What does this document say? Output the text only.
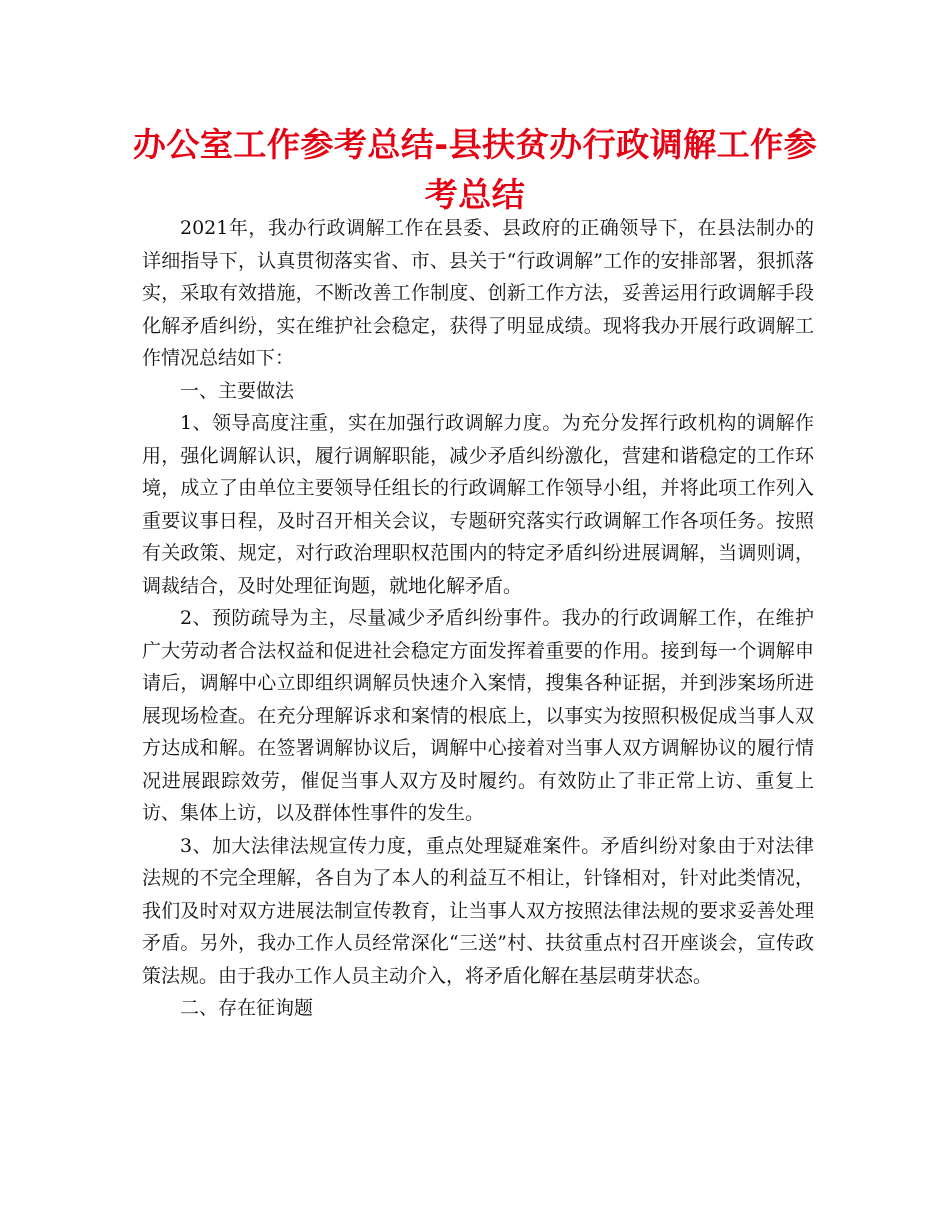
办公室工作参考总结-县扶贫办行政调解工作参考总结

2021年，我办行政调解工作在县委、县政府的正确领导下，在县法制办的详细指导下，认真贯彻落实省、市、县关于“行政调解”工作的安排部署，狠抓落实，采取有效措施，不断改善工作制度、创新工作方法，妥善运用行政调解手段化解矛盾纠纷，实在维护社会稳定，获得了明显成绩。现将我办开展行政调解工作情况总结如下：

一、主要做法

1、领导高度注重，实在加强行政调解力度。为充分发挥行政机构的调解作用，强化调解认识，履行调解职能，减少矛盾纠纷激化，营建和谐稳定的工作环境，成立了由单位主要领导任组长的行政调解工作领导小组，并将此项工作列入重要议事日程，及时召开相关会议，专题研究落实行政调解工作各项任务。按照有关政策、规定，对行政治理职权范围内的特定矛盾纠纷进展调解，当调则调，调裁结合，及时处理征询题，就地化解矛盾。

2、预防疏导为主，尽量减少矛盾纠纷事件。我办的行政调解工作，在维护广大劳动者合法权益和促进社会稳定方面发挥着重要的作用。接到每一个调解申请后，调解中心立即组织调解员快速介入案情，搜集各种证据，并到涉案场所进展现场检查。在充分理解诉求和案情的根底上，以事实为按照积极促成当事人双方达成和解。在签署调解协议后，调解中心接着对当事人双方调解协议的履行情况进展跟踪效劳，催促当事人双方及时履约。有效防止了非正常上访、重复上访、集体上访，以及群体性事件的发生。

3、加大法律法规宣传力度，重点处理疑难案件。矛盾纠纷对象由于对法律法规的不完全理解，各自为了本人的利益互不相让，针锋相对，针对此类情况，我们及时对双方进展法制宣传教育，让当事人双方按照法律法规的要求妥善处理矛盾。另外，我办工作人员经常深化“三送”村、扶贫重点村召开座谈会，宣传政策法规。由于我办工作人员主动介入，将矛盾化解在基层萌芽状态。

二、存在征询题
